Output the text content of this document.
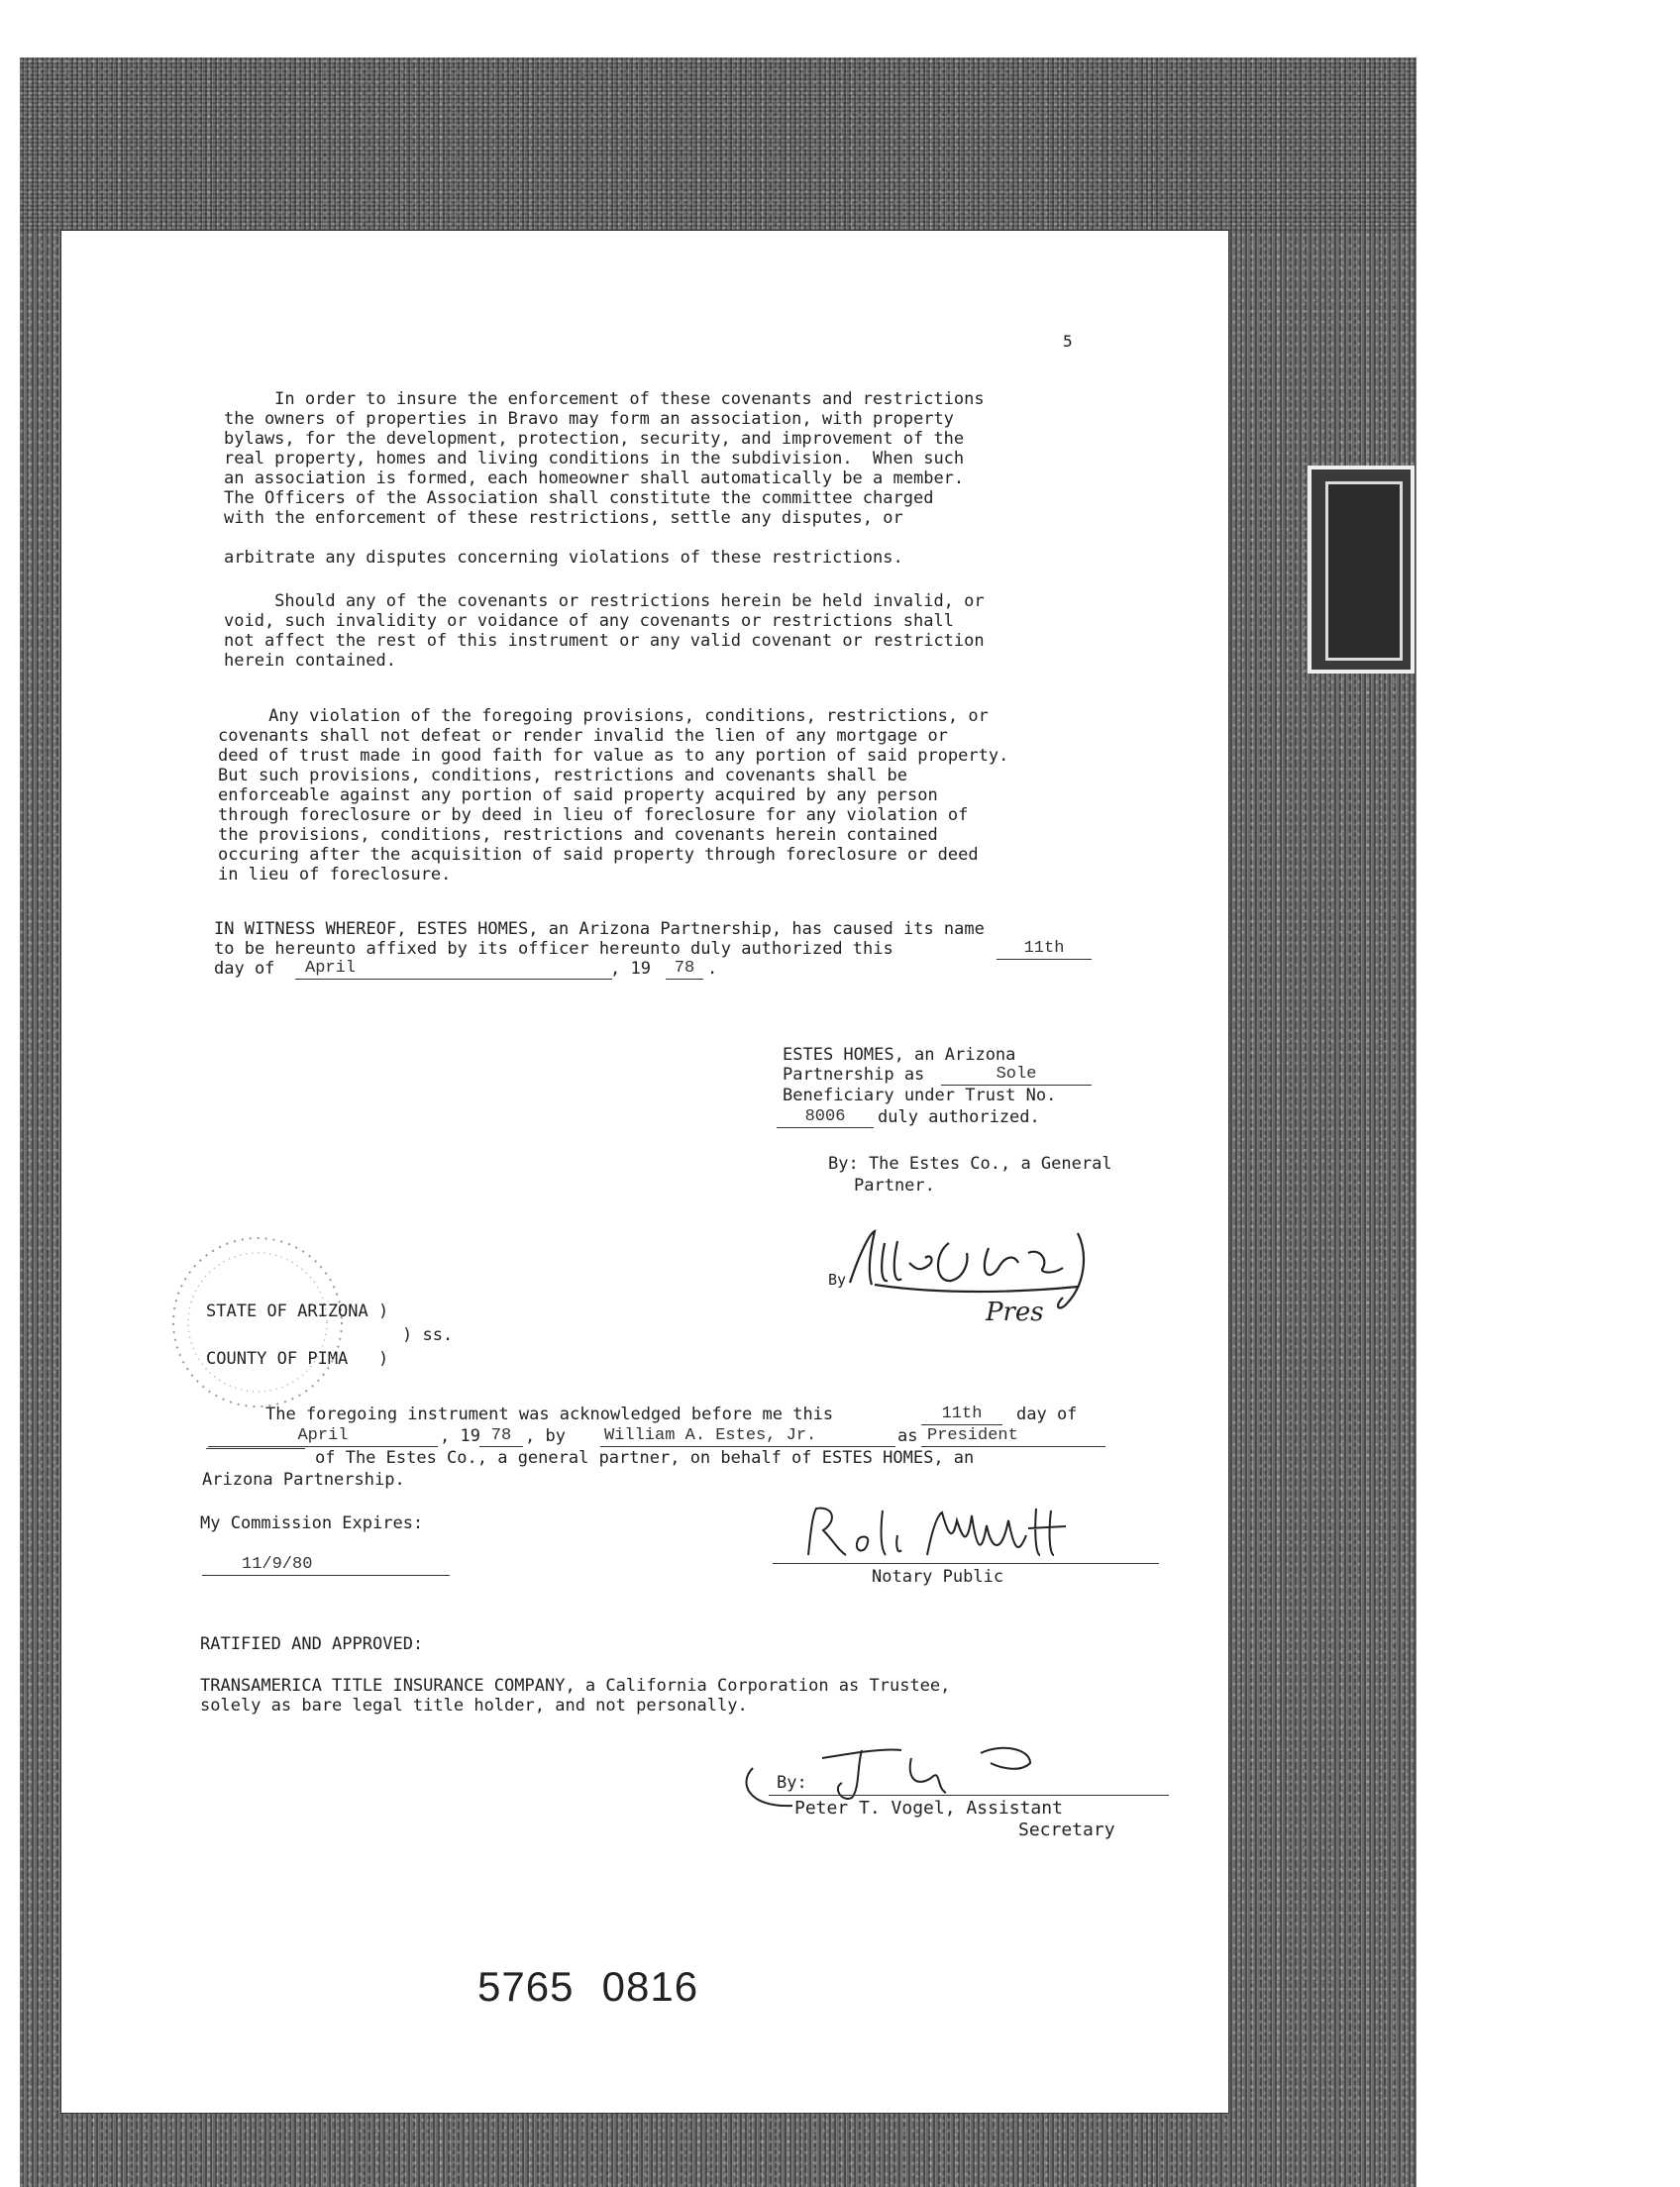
5
In order to insure the enforcement of these covenants and restrictions
the owners of properties in Bravo may form an association, with property
bylaws, for the development, protection, security, and improvement of the
real property, homes and living conditions in the subdivision.  When such
an association is formed, each homeowner shall automatically be a member.
The Officers of the Association shall constitute the committee charged
with the enforcement of these restrictions, settle any disputes, or
arbitrate any disputes concerning violations of these restrictions.
Should any of the covenants or restrictions herein be held invalid, or
void, such invalidity or voidance of any covenants or restrictions shall
not affect the rest of this instrument or any valid covenant or restriction
herein contained.
Any violation of the foregoing provisions, conditions, restrictions, or
covenants shall not defeat or render invalid the lien of any mortgage or
deed of trust made in good faith for value as to any portion of said property.
But such provisions, conditions, restrictions and covenants shall be
enforceable against any portion of said property acquired by any person
through foreclosure or by deed in lieu of foreclosure for any violation of
the provisions, conditions, restrictions and covenants herein contained
occuring after the acquisition of said property through foreclosure or deed
in lieu of foreclosure.
IN WITNESS WHEREOF, ESTES HOMES, an Arizona Partnership, has caused its name
to be hereunto affixed by its officer hereunto duly authorized this	11th
day of	April	, 19	78 .
ESTES HOMES, an Arizona
Partnership as	Sole
Beneficiary under Trust No.
8006	duly authorized.
By: The Estes Co., a General
Partner.
By
Pres
STATE OF ARIZONA )
) ss.
COUNTY OF PIMA   )
The foregoing instrument was acknowledged before me this	11th	day of
April	, 19 78 , by William A. Estes, Jr.	as President
of The Estes Co., a general partner, on behalf of ESTES HOMES, an
Arizona Partnership.
My Commission Expires:
11/9/80
Notary Public
RATIFIED AND APPROVED:
TRANSAMERICA TITLE INSURANCE COMPANY, a California Corporation as Trustee,
solely as bare legal title holder, and not personally.
By:
Peter T. Vogel, Assistant
Secretary
5765   0816
